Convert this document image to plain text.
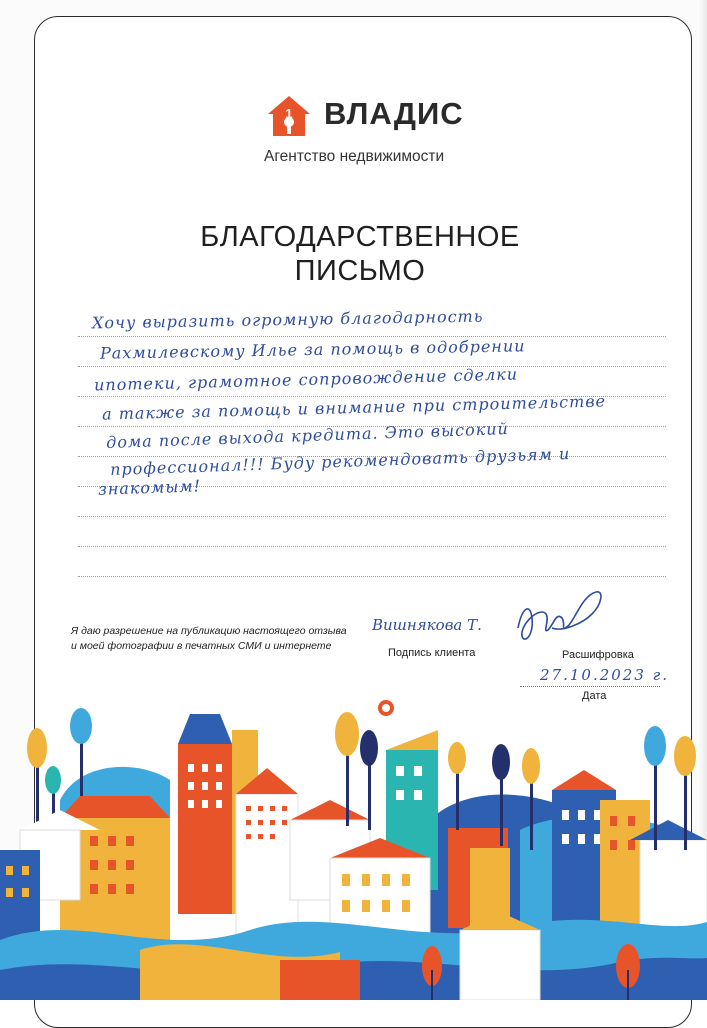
1 ВЛАДИС
Агентство недвижимости
БЛАГОДАРСТВЕННОЕ
ПИСЬМО
Хочу выразить огромную благодарность
Рахмилевскому Илье за помощь в одобрении
ипотеки, грамотное сопровождение сделки
а также за помощь и внимание при строительстве
дома после выхода кредита. Это высокий
профессионал!!! Буду рекомендовать друзьям и
знакомым!
Я даю разрешение на публикацию настоящего отзыва
и моей фотографии в печатных СМИ и интернете
Вишнякова Т.
Подпись клиента	Расшифровка
27.10.2023 г.
Дата
